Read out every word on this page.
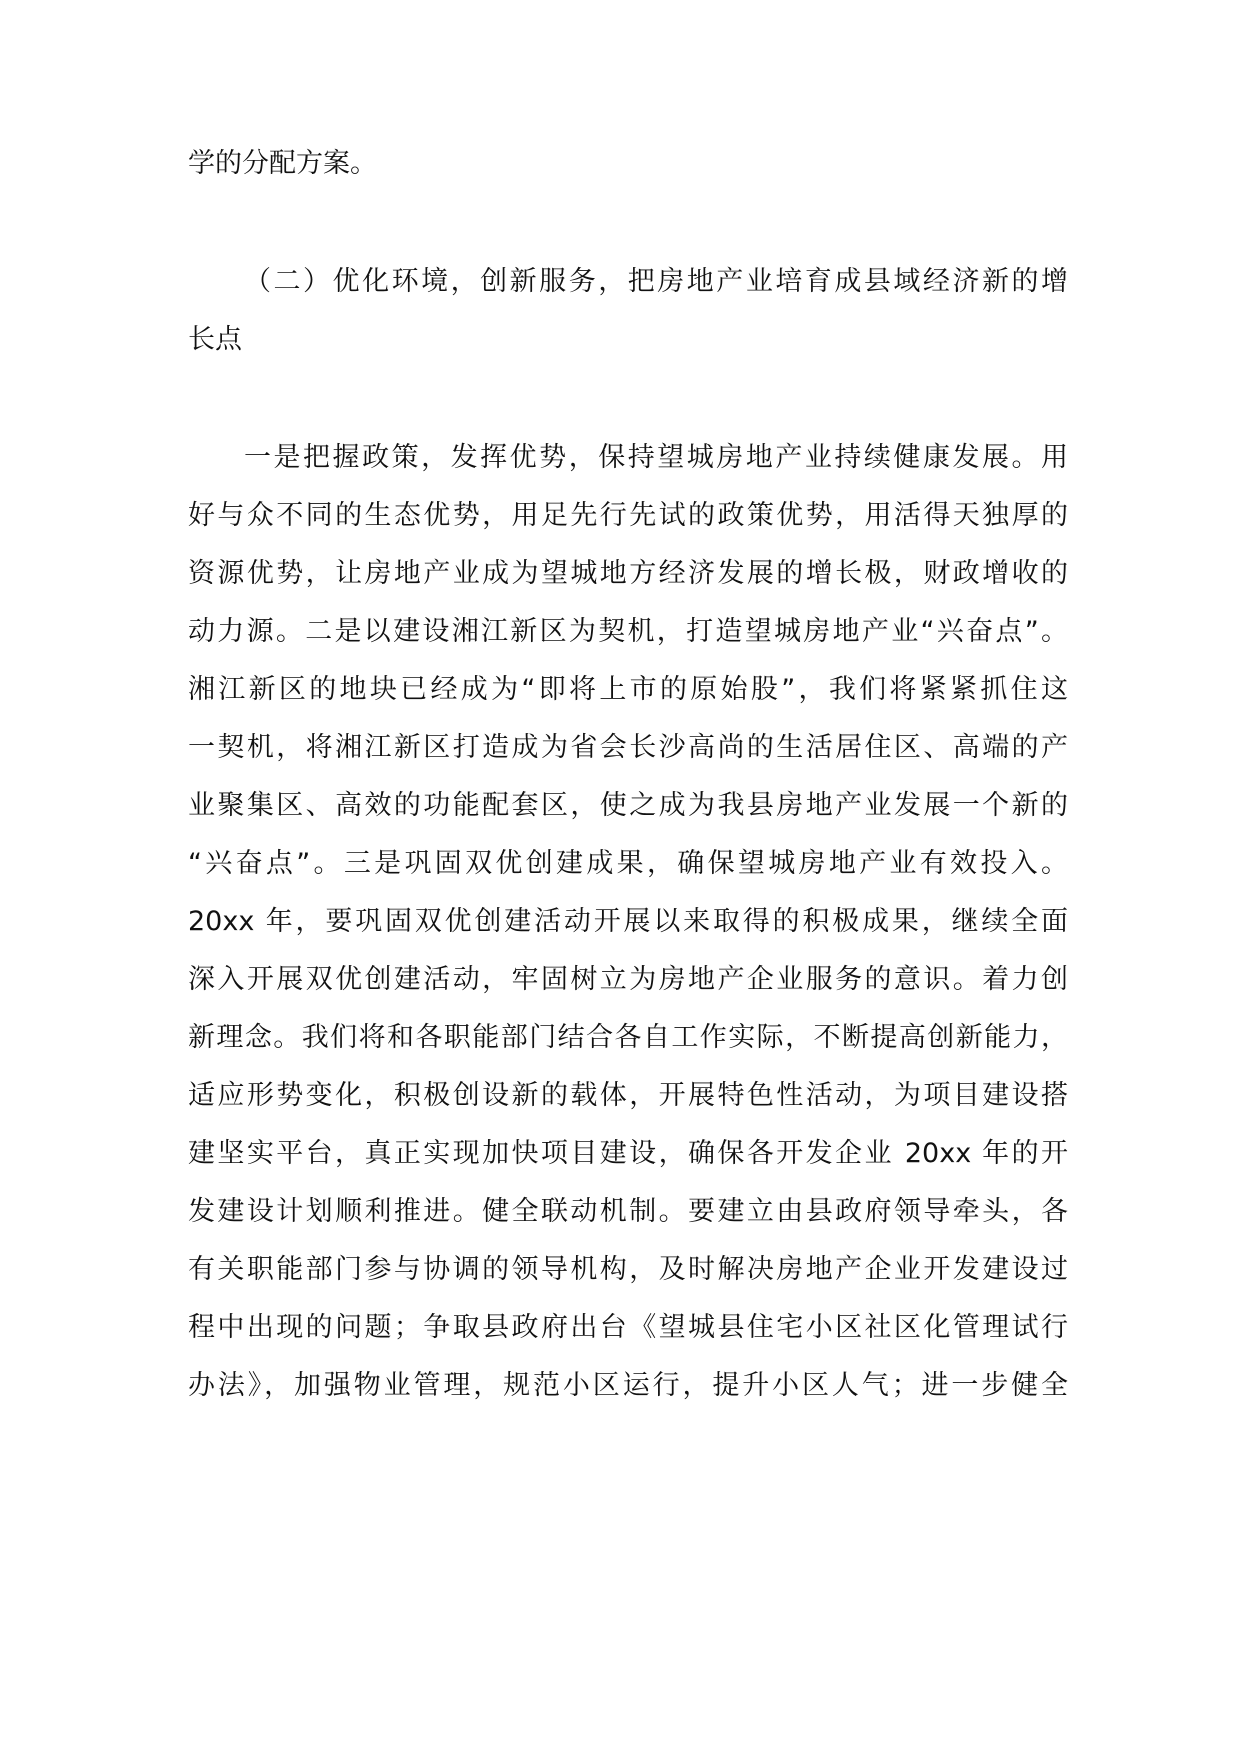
学的分配方案。

（二）优化环境，创新服务，把房地产业培育成县域经济新的增

长点

一是把握政策，发挥优势，保持望城房地产业持续健康发展。用

好与众不同的生态优势，用足先行先试的政策优势，用活得天独厚的

资源优势，让房地产业成为望城地方经济发展的增长极，财政增收的

动力源。二是以建设湘江新区为契机，打造望城房地产业“兴奋点”。

湘江新区的地块已经成为“即将上市的原始股”，我们将紧紧抓住这

一契机，将湘江新区打造成为省会长沙高尚的生活居住区、高端的产

业聚集区、高效的功能配套区，使之成为我县房地产业发展一个新的

“兴奋点”。三是巩固双优创建成果，确保望城房地产业有效投入。

20xx 年，要巩固双优创建活动开展以来取得的积极成果，继续全面

深入开展双优创建活动，牢固树立为房地产企业服务的意识。着力创

新理念。我们将和各职能部门结合各自工作实际，不断提高创新能力，

适应形势变化，积极创设新的载体，开展特色性活动，为项目建设搭

建坚实平台，真正实现加快项目建设，确保各开发企业 20xx 年的开

发建设计划顺利推进。健全联动机制。要建立由县政府领导牵头，各

有关职能部门参与协调的领导机构，及时解决房地产企业开发建设过

程中出现的问题；争取县政府出台《望城县住宅小区社区化管理试行

办法》，加强物业管理，规范小区运行，提升小区人气；进一步健全
